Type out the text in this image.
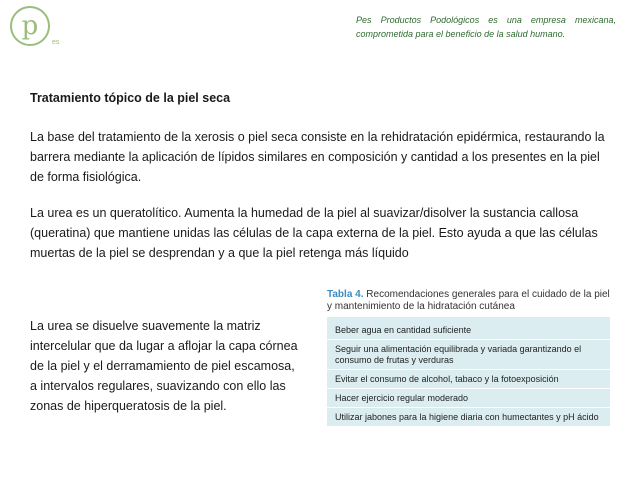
p
es
Pes Productos Podológicos es una empresa mexicana, comprometida para el beneficio de la salud humano.
Tratamiento tópico de la piel seca

La base del tratamiento de la xerosis o piel seca consiste en la rehidratación epidérmica, restaurando la barrera mediante la aplicación de lípidos similares en composición y cantidad a los presentes en la piel de forma fisiológica.

La urea es un queratolítico. Aumenta la humedad de la piel al suavizar/disolver la sustancia callosa (queratina) que mantiene unidas las células de la capa externa de la piel. Esto ayuda a que las células muertas de la piel se desprendan y a que la piel retenga más líquido

La urea se disuelve suavemente la matriz intercelular que da lugar a aflojar la capa córnea de la piel y el derramamiento de piel escamosa, a intervalos regulares, suavizando con ello las zonas de hiperqueratosis de la piel.

Tabla 4. Recomendaciones generales para el cuidado de la piel y mantenimiento de la hidratación cutánea
Beber agua en cantidad suficiente
Seguir una alimentación equilibrada y variada garantizando el consumo de frutas y verduras
Evitar el consumo de alcohol, tabaco y la fotoexposición
Hacer ejercicio regular moderado
Utilizar jabones para la higiene diaria con humectantes y pH ácido
